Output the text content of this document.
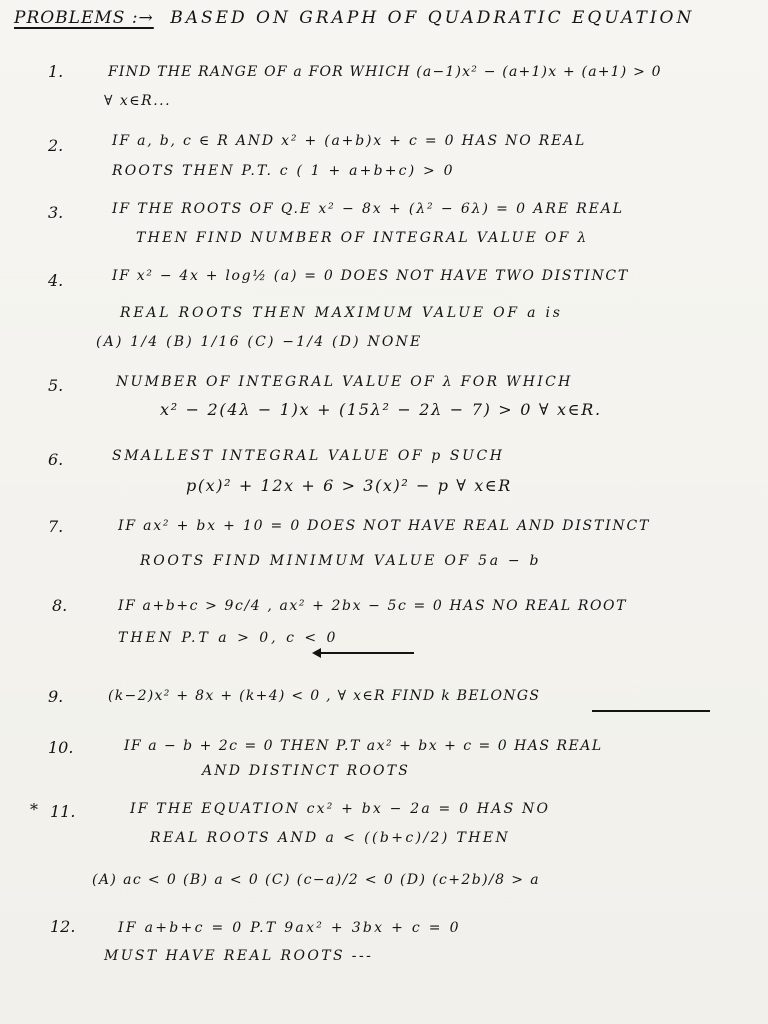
PROBLEMS :→ BASED ON GRAPH OF QUADRATIC EQUATION
1.	FIND THE RANGE OF a FOR WHICH (a−1)x² − (a+1)x + (a+1) > 0
∀ x∈R...
2.	IF a, b, c ∈ R AND x² + (a+b)x + c = 0 HAS NO REAL
ROOTS THEN P.T. c ( 1 + a+b+c) > 0
3.	IF THE ROOTS OF Q.E x² − 8x + (λ² − 6λ) = 0 ARE REAL
THEN FIND NUMBER OF INTEGRAL VALUE OF λ
4.	IF x² − 4x + log½ (a) = 0 DOES NOT HAVE TWO DISTINCT
REAL ROOTS THEN MAXIMUM VALUE OF a is
(A) 1/4 (B) 1/16 (C) −1/4 (D) NONE
5.	NUMBER OF INTEGRAL VALUE OF λ FOR WHICH
x² − 2(4λ − 1)x + (15λ² − 2λ − 7) > 0 ∀ x∈R.
6.	SMALLEST INTEGRAL VALUE OF p SUCH
p(x)² + 12x + 6 > 3(x)² − p ∀ x∈R
7.	IF ax² + bx + 10 = 0 DOES NOT HAVE REAL AND DISTINCT
ROOTS FIND MINIMUM VALUE OF 5a − b
8.	IF a+b+c > 9c/4 , ax² + 2bx − 5c = 0 HAS NO REAL ROOT
THEN P.T a > 0, c < 0
9.	(k−2)x² + 8x + (k+4) < 0 , ∀ x∈R FIND k BELONGS
10.	IF a − b + 2c = 0 THEN P.T ax² + bx + c = 0 HAS REAL
AND DISTINCT ROOTS
* 11.	IF THE EQUATION cx² + bx − 2a = 0 HAS NO
REAL ROOTS AND a < ((b+c)/2) THEN
(A) ac < 0 (B) a < 0 (C) (c−a)/2 < 0 (D) (c+2b)/8 > a
12.	IF a+b+c = 0 P.T 9ax² + 3bx + c = 0
MUST HAVE REAL ROOTS ---
